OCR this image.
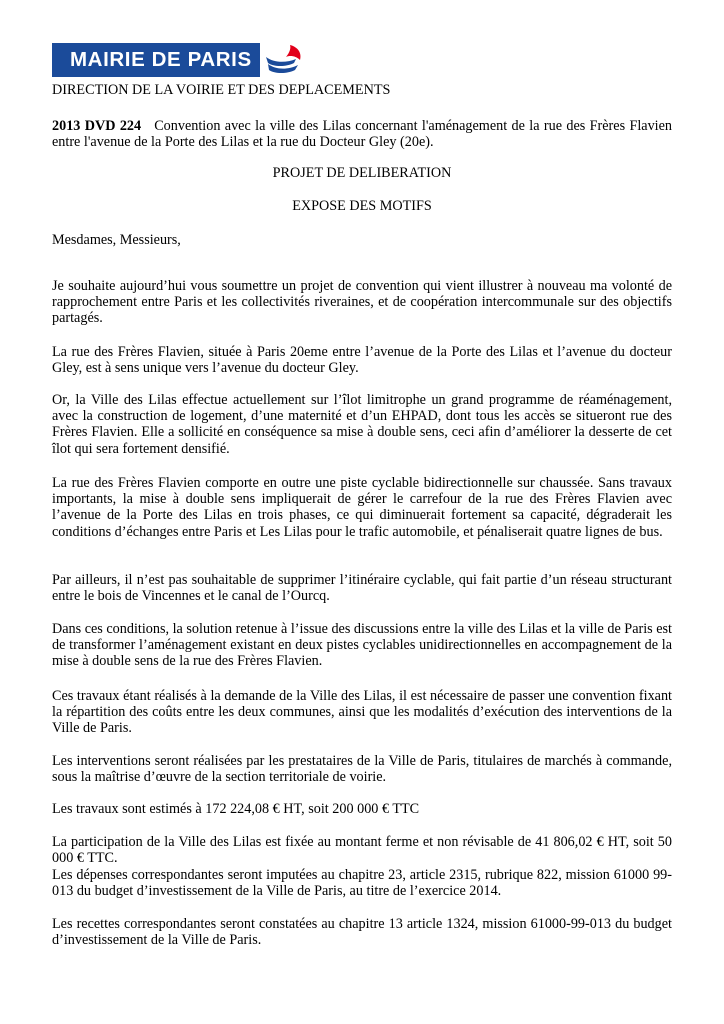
MAIRIE DE PARIS

DIRECTION DE LA VOIRIE ET DES DEPLACEMENTS

2013 DVD 224 Convention avec la ville des Lilas concernant l'aménagement de la rue des Frères Flavien entre l'avenue de la Porte des Lilas et la rue du Docteur Gley (20e).

PROJET DE DELIBERATION

EXPOSE DES MOTIFS

Mesdames, Messieurs,

Je souhaite aujourd’hui vous soumettre un projet de convention qui vient illustrer à nouveau ma volonté de rapprochement entre Paris et les collectivités riveraines, et de coopération intercommunale sur des objectifs partagés.

La rue des Frères Flavien, située à Paris 20eme entre l’avenue de la Porte des Lilas et l’avenue du docteur Gley, est à sens unique vers l’avenue du docteur Gley.

Or, la Ville des Lilas effectue actuellement sur l’îlot limitrophe un grand programme de réaménagement, avec la construction de logement, d’une maternité et d’un EHPAD, dont tous les accès se situeront rue des Frères Flavien. Elle a sollicité en conséquence sa mise à double sens, ceci afin d’améliorer la desserte de cet îlot qui sera fortement densifié.

La rue des Frères Flavien comporte en outre une piste cyclable bidirectionnelle sur chaussée. Sans travaux importants, la mise à double sens impliquerait de gérer le carrefour de la rue des Frères Flavien avec l’avenue de la Porte des Lilas en trois phases, ce qui diminuerait fortement sa capacité, dégraderait les conditions d’échanges entre Paris et Les Lilas pour le trafic automobile, et pénaliserait quatre lignes de bus.

Par ailleurs, il n’est pas souhaitable de supprimer l’itinéraire cyclable, qui fait partie d’un réseau structurant entre le bois de Vincennes et le canal de l’Ourcq.

Dans ces conditions, la solution retenue à l’issue des discussions entre la ville des Lilas et la ville de Paris est de transformer l’aménagement existant en deux pistes cyclables unidirectionnelles en accompagnement de la mise à double sens de la rue des Frères Flavien.

Ces travaux étant réalisés à la demande de la Ville des Lilas, il est nécessaire de passer une convention fixant la répartition des coûts entre les deux communes, ainsi que les modalités d’exécution des interventions de la Ville de Paris.

Les interventions seront réalisées par les prestataires de la Ville de Paris, titulaires de marchés à commande, sous la maîtrise d’œuvre de la section territoriale de voirie.

Les travaux sont estimés à 172 224,08 € HT, soit 200 000 € TTC

La participation de la Ville des Lilas est fixée au montant ferme et non révisable de 41 806,02 € HT, soit 50 000 € TTC.

Les dépenses correspondantes seront imputées au chapitre 23, article 2315, rubrique 822, mission 61000 99-013 du budget d’investissement de la Ville de Paris, au titre de l’exercice 2014.

Les recettes correspondantes seront constatées au chapitre 13 article 1324, mission 61000-99-013 du budget d’investissement de la Ville de Paris.
